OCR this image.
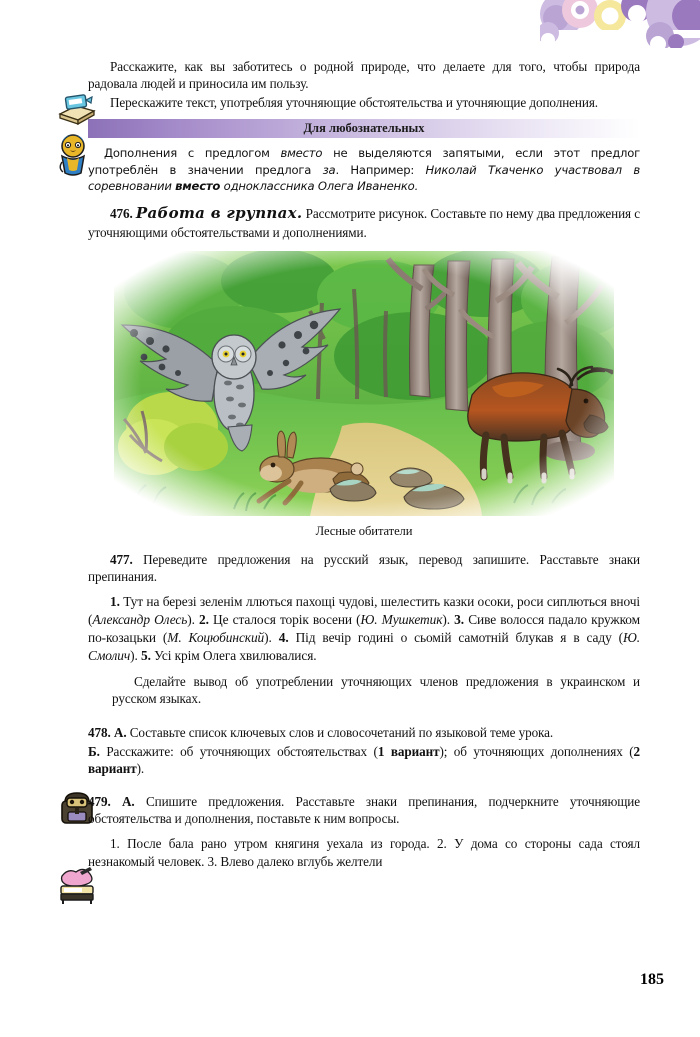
Расскажите, как вы заботитесь о родной природе, что делаете для того, чтобы природа радовала людей и приносила им пользу.

Перескажите текст, употребляя уточняющие обстоятельства и уточняющие дополнения.

Для любознательных

Дополнения с предлогом вместо не выделяются запятыми, если этот предлог употреблён в значении предлога за. Например: Николай Ткаченко участвовал в соревновании вместо одноклассника Олега Иваненко.

476. Работа в группах. Рассмотрите рисунок. Составьте по нему два предложения с уточняющими обстоятельствами и дополнениями.

Лесные обитатели

477. Переведите предложения на русский язык, перевод запишите. Расставьте знаки препинания.

1. Тут на березі зеленім ллються пахощі чудові, шелестить казки осоки, роси сиплються вночі (Александр Олесь). 2. Це сталося торік восени (Ю. Мушкетик). 3. Сиве волосся падало кружком по-козацьки (М. Коцюбинский). 4. Під вечір годині о сьомій самотній блукав я в саду (Ю. Смолич). 5. Усі крім Олега хвилювалися.

Сделайте вывод об употреблении уточняющих членов предложения в украинском и русском языках.

478. А. Составьте список ключевых слов и словосочетаний по языковой теме урока.

Б. Расскажите: об уточняющих обстоятельствах (1 вариант); об уточняющих дополнениях (2 вариант).

479. А. Спишите предложения. Расставьте знаки препинания, подчеркните уточняющие обстоятельства и дополнения, поставьте к ним вопросы.

1. После бала рано утром княгиня уехала из города. 2. У дома со стороны сада стоял незнакомый человек. 3. Влево далеко вглубь желтели

185
